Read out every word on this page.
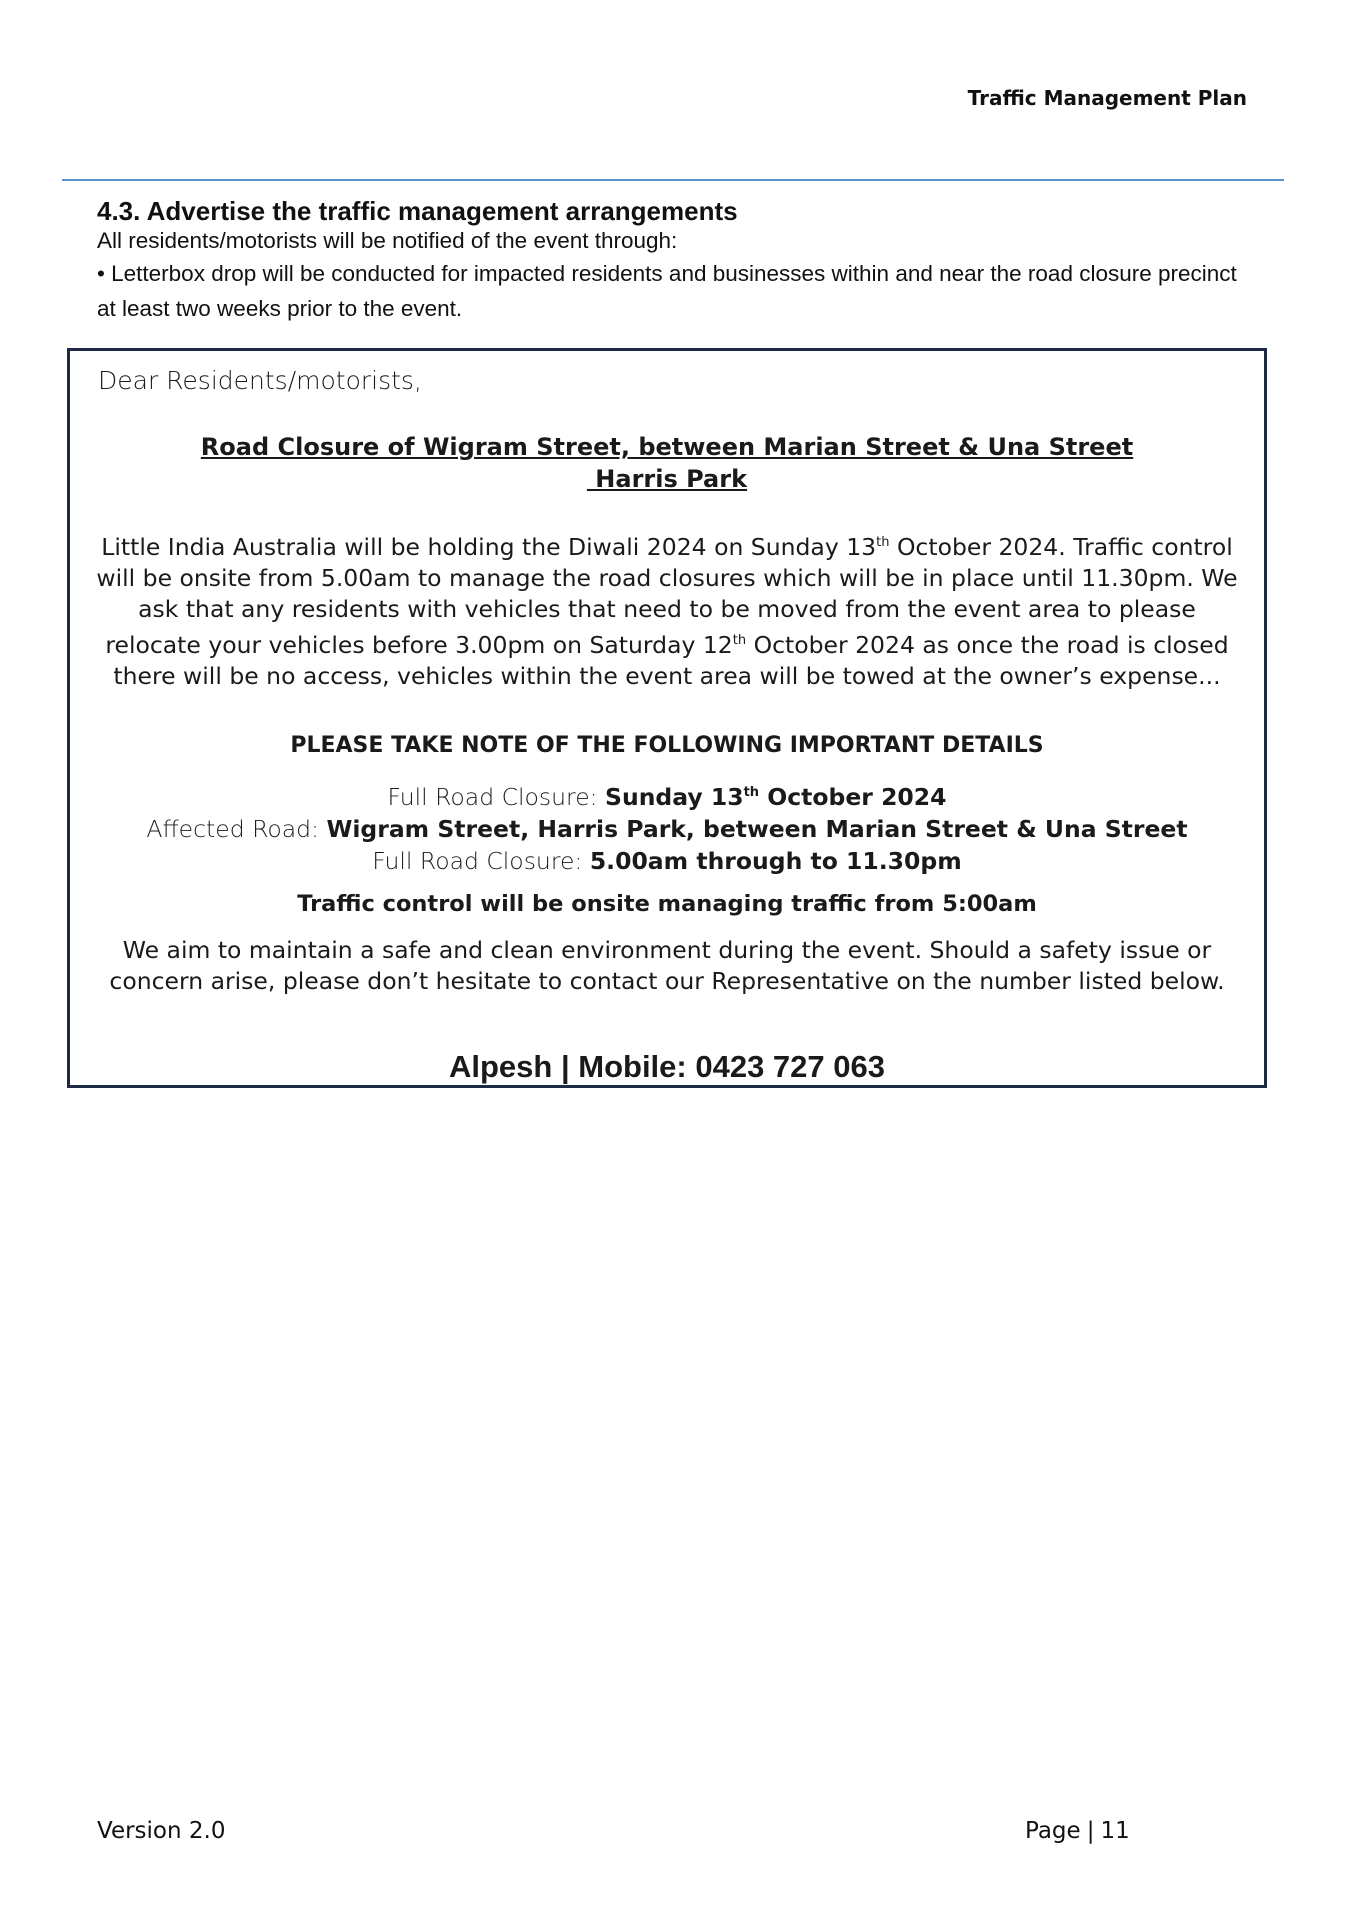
Traffic Management Plan

4.3. Advertise the traffic management arrangements

All residents/motorists will be notified of the event through:

• Letterbox drop will be conducted for impacted residents and businesses within and near the road closure precinct at least two weeks prior to the event.

Dear Residents/motorists,
Road Closure of Wigram Street, between Marian Street & Una Street
Harris Park
Little India Australia will be holding the Diwali 2024 on Sunday 13th October 2024. Traffic control will be onsite from 5.00am to manage the road closures which will be in place until 11.30pm. We ask that any residents with vehicles that need to be moved from the event area to please relocate your vehicles before 3.00pm on Saturday 12th October 2024 as once the road is closed there will be no access, vehicles within the event area will be towed at the owner’s expense...
PLEASE TAKE NOTE OF THE FOLLOWING IMPORTANT DETAILS
Full Road Closure: Sunday 13th October 2024
Affected Road: Wigram Street, Harris Park, between Marian Street & Una Street
Full Road Closure: 5.00am through to 11.30pm
Traffic control will be onsite managing traffic from 5:00am
We aim to maintain a safe and clean environment during the event. Should a safety issue or concern arise, please don’t hesitate to contact our Representative on the number listed below.
Alpesh | Mobile: 0423 727 063
Version 2.0	Page | 11
